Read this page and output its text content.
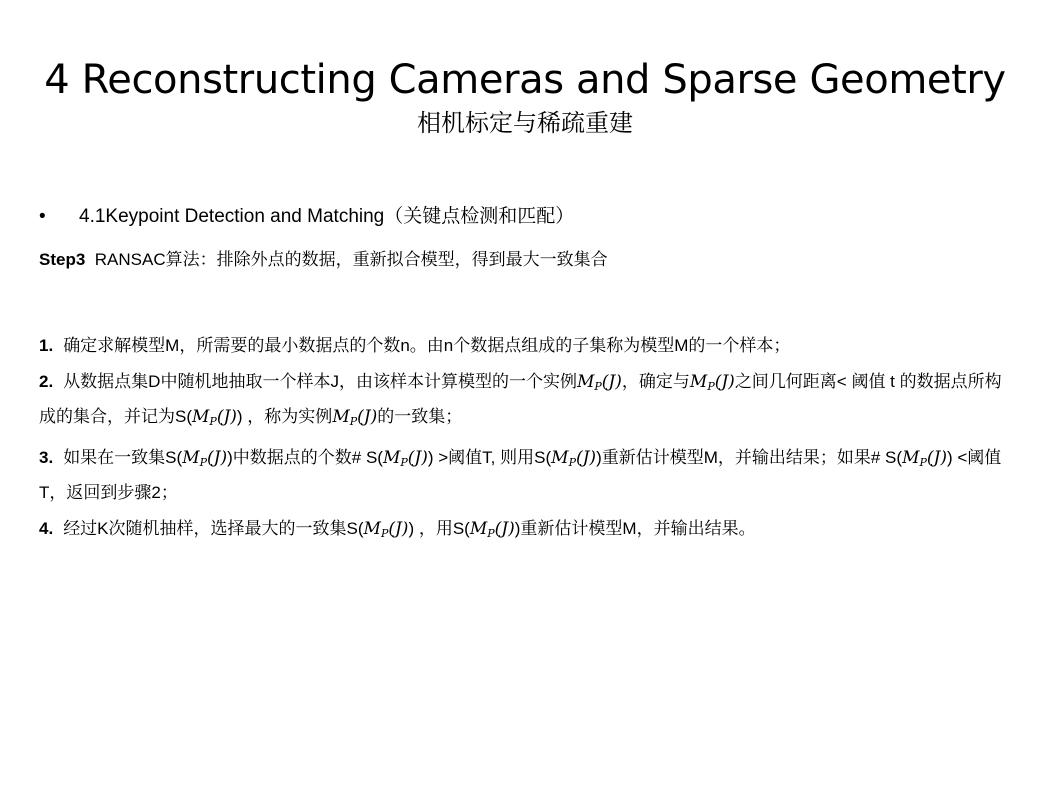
4 Reconstructing Cameras and Sparse Geometry
相机标定与稀疏重建
• 4.1Keypoint Detection and Matching（关键点检测和匹配）
Step3 RANSAC算法：排除外点的数据，重新拟合模型，得到最大一致集合
1. 确定求解模型M，所需要的最小数据点的个数n。由n个数据点组成的子集称为模型M的一个样本；
2. 从数据点集D中随机地抽取一个样本J，由该样本计算模型的一个实例$M_P(J)$，确定与$M_P(J)$之间几何距离< 阈值 t 的数据点所构成的集合，并记为$S(M_P(J))$ ，称为实例$M_P(J)$的一致集；
3. 如果在一致集$S(M_P(J))$中数据点的个数# $S(M_P(J))$ >阈值T, 则用$S(M_P(J))$重新估计模型M，并输出结果；如果# $S(M_P(J))$ <阈值T，返回到步骤2；
4. 经过K次随机抽样，选择最大的一致集$S(M_P(J))$ ，用$S(M_P(J))$重新估计模型M，并输出结果。
